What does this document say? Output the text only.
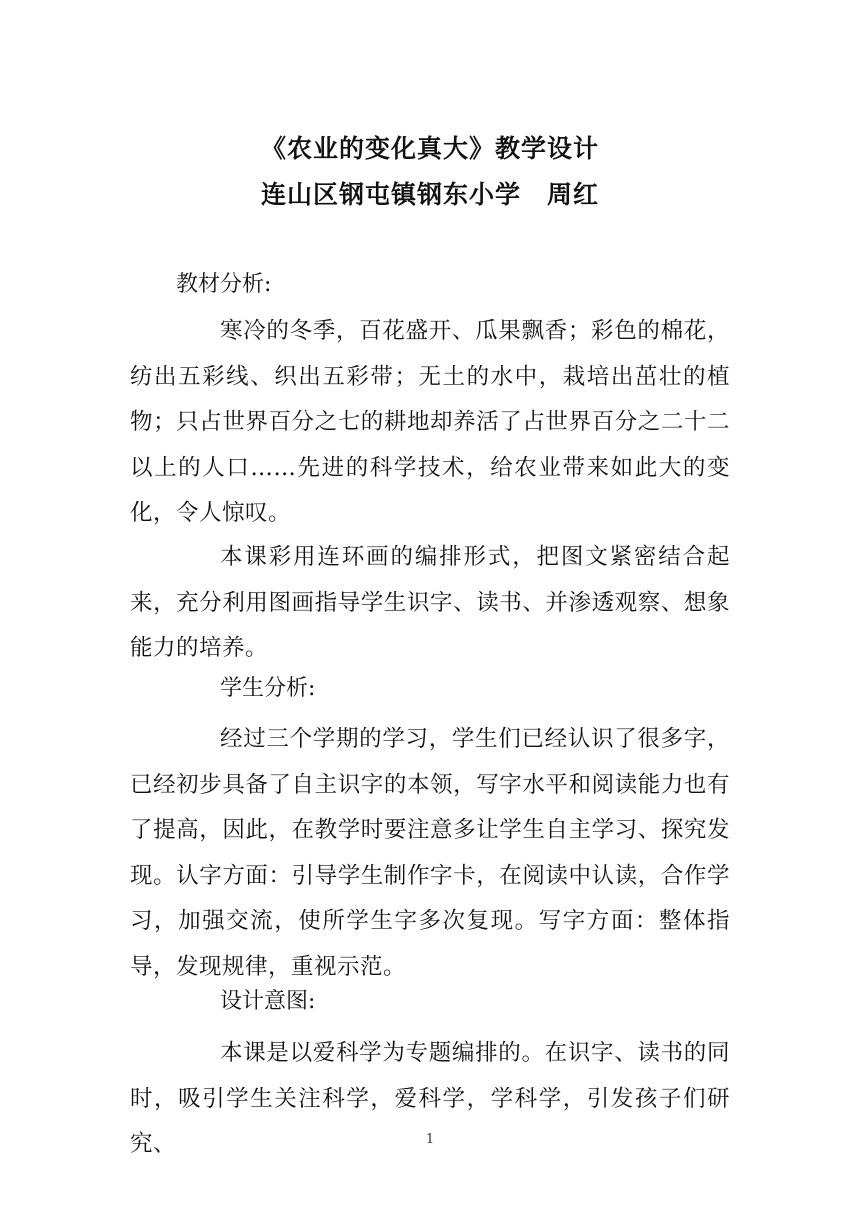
《农业的变化真大》教学设计
连山区钢屯镇钢东小学　周红
教材分析:
寒冷的冬季，百花盛开、瓜果飘香；彩色的棉花，纺出五彩线、织出五彩带；无土的水中，栽培出茁壮的植物；只占世界百分之七的耕地却养活了占世界百分之二十二以上的人口……先进的科学技术，给农业带来如此大的变化，令人惊叹。
本课彩用连环画的编排形式，把图文紧密结合起来，充分利用图画指导学生识字、读书、并渗透观察、想象能力的培养。
学生分析:
经过三个学期的学习，学生们已经认识了很多字，已经初步具备了自主识字的本领，写字水平和阅读能力也有了提高，因此，在教学时要注意多让学生自主学习、探究发现。认字方面：引导学生制作字卡，在阅读中认读，合作学习，加强交流，使所学生字多次复现。写字方面：整体指导，发现规律，重视示范。
设计意图:
本课是以爱科学为专题编排的。在识字、读书的同时，吸引学生关注科学，爱科学，学科学，引发孩子们研究、	1
